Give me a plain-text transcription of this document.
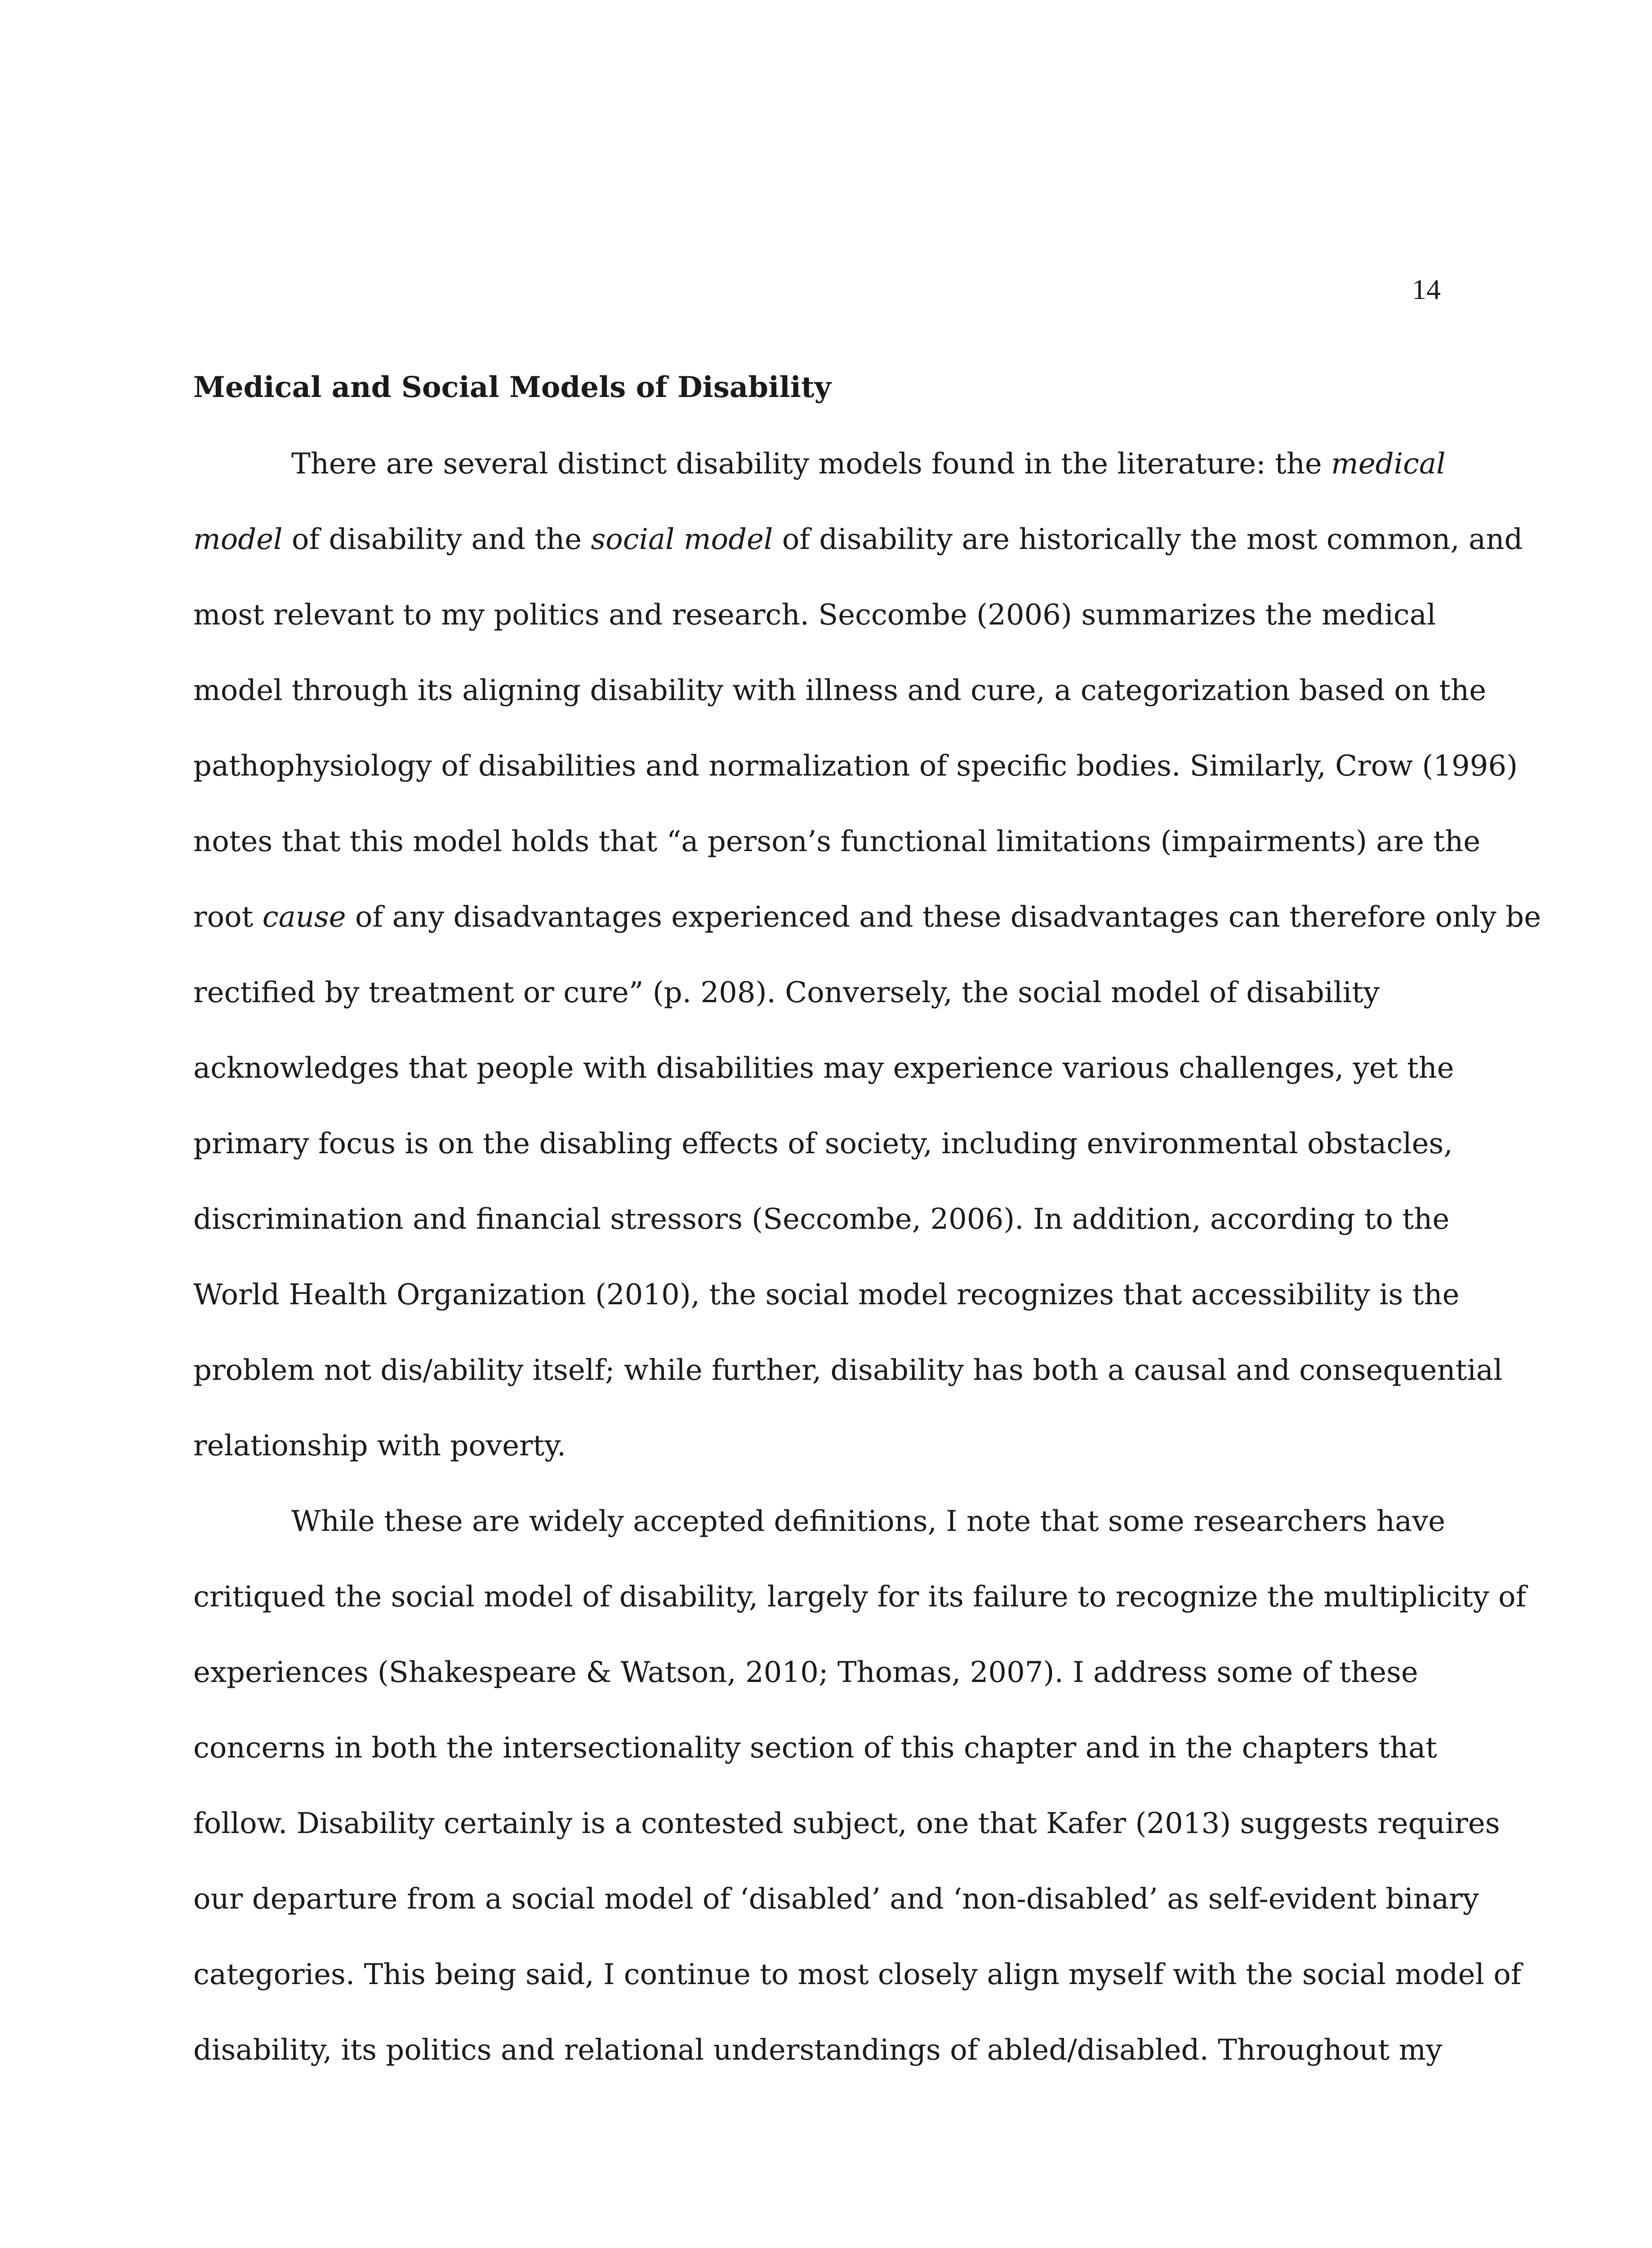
14
Medical and Social Models of Disability
There are several distinct disability models found in the literature: the medical
model of disability and the social model of disability are historically the most common, and
most relevant to my politics and research. Seccombe (2006) summarizes the medical
model through its aligning disability with illness and cure, a categorization based on the
pathophysiology of disabilities and normalization of specific bodies. Similarly, Crow (1996)
notes that this model holds that “a person’s functional limitations (impairments) are the
root cause of any disadvantages experienced and these disadvantages can therefore only be
rectified by treatment or cure” (p. 208). Conversely, the social model of disability
acknowledges that people with disabilities may experience various challenges, yet the
primary focus is on the disabling effects of society, including environmental obstacles,
discrimination and financial stressors (Seccombe, 2006). In addition, according to the
World Health Organization (2010), the social model recognizes that accessibility is the
problem not dis/ability itself; while further, disability has both a causal and consequential
relationship with poverty.
While these are widely accepted definitions, I note that some researchers have
critiqued the social model of disability, largely for its failure to recognize the multiplicity of
experiences (Shakespeare & Watson, 2010; Thomas, 2007). I address some of these
concerns in both the intersectionality section of this chapter and in the chapters that
follow. Disability certainly is a contested subject, one that Kafer (2013) suggests requires
our departure from a social model of ‘disabled’ and ‘non-disabled’ as self-evident binary
categories. This being said, I continue to most closely align myself with the social model of
disability, its politics and relational understandings of abled/disabled. Throughout my
